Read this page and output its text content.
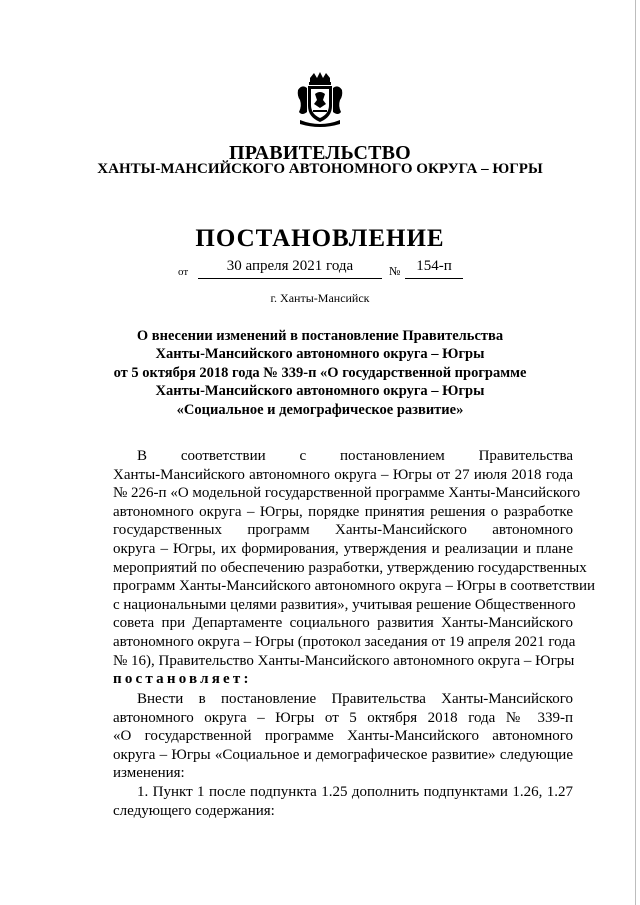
ПРАВИТЕЛЬСТВО
ХАНТЫ-МАНСИЙСКОГО АВТОНОМНОГО ОКРУГА – ЮГРЫ
ПОСТАНОВЛЕНИЕ
от	30 апреля 2021 года	№	154-п
г. Ханты-Мансийск
О внесении изменений в постановление Правительства
Ханты-Мансийского автономного округа – Югры
от 5 октября 2018 года № 339-п «О государственной программе
Ханты-Мансийского автономного округа – Югры
«Социальное и демографическое развитие»
В соответствии с постановлением Правительства
Ханты-Мансийского автономного округа – Югры от 27 июля 2018 года
№ 226-п «О модельной государственной программе Ханты-Мансийского
автономного округа – Югры, порядке принятия решения о разработке
государственных программ Ханты-Мансийского автономного
округа – Югры, их формирования, утверждения и реализации и плане
мероприятий по обеспечению разработки, утверждению государственных
программ Ханты-Мансийского автономного округа – Югры в соответствии
с национальными целями развития», учитывая решение Общественного
совета при Департаменте социального развития Ханты-Мансийского
автономного округа – Югры (протокол заседания от 19 апреля 2021 года
№ 16), Правительство Ханты-Мансийского автономного округа – Югры
постановляет:
Внести в постановление Правительства Ханты-Мансийского
автономного округа – Югры от 5 октября 2018 года № 339-п
«О государственной программе Ханты-Мансийского автономного
округа – Югры «Социальное и демографическое развитие» следующие
изменения:
1. Пункт 1 после подпункта 1.25 дополнить подпунктами 1.26, 1.27
следующего содержания:
